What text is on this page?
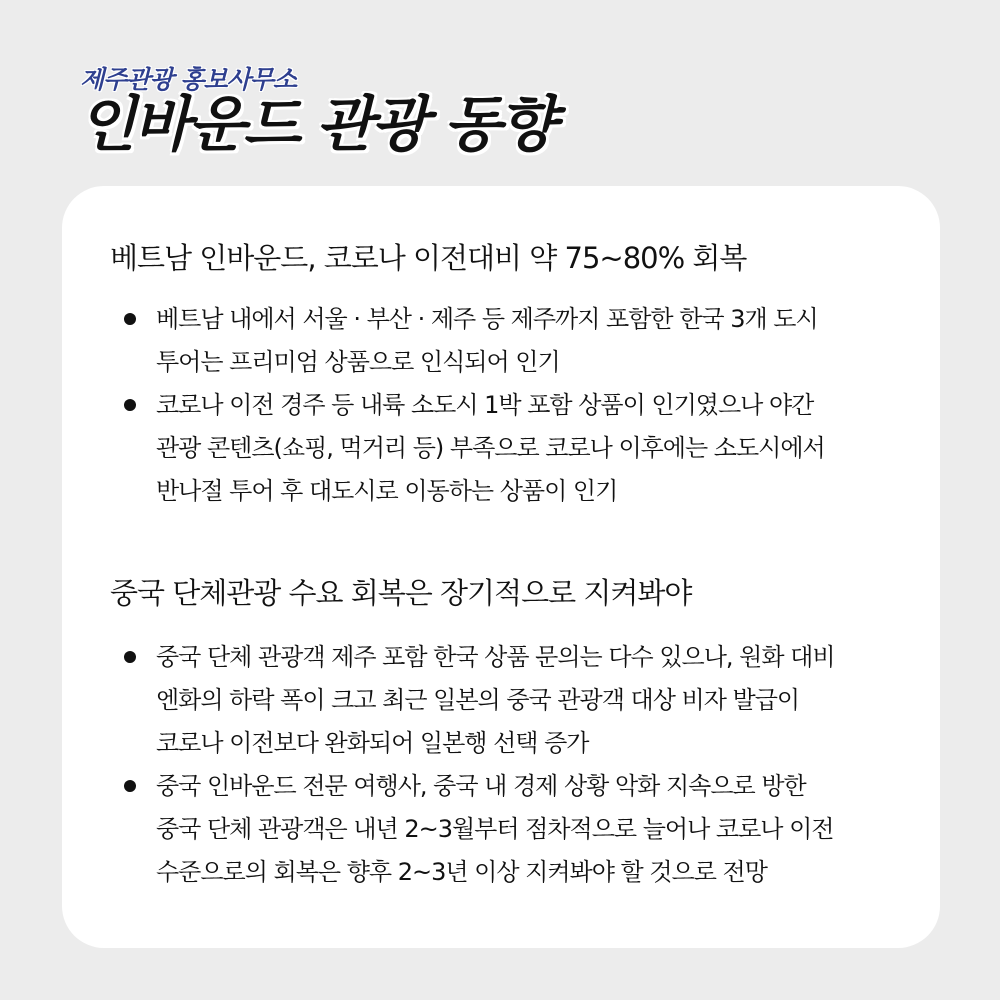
제주관광 홍보사무소
인바운드 관광 동향
베트남 인바운드, 코로나 이전대비 약 75~80% 회복
베트남 내에서 서울 · 부산 · 제주 등 제주까지 포함한 한국 3개 도시
투어는 프리미엄 상품으로 인식되어 인기
코로나 이전 경주 등 내륙 소도시 1박 포함 상품이 인기였으나 야간
관광 콘텐츠(쇼핑, 먹거리 등) 부족으로 코로나 이후에는 소도시에서
반나절 투어 후 대도시로 이동하는 상품이 인기
중국 단체관광 수요 회복은 장기적으로 지켜봐야
중국 단체 관광객 제주 포함 한국 상품 문의는 다수 있으나, 원화 대비
엔화의 하락 폭이 크고 최근 일본의 중국 관광객 대상 비자 발급이
코로나 이전보다 완화되어 일본행 선택 증가
중국 인바운드 전문 여행사, 중국 내 경제 상황 악화 지속으로 방한
중국 단체 관광객은 내년 2~3월부터 점차적으로 늘어나 코로나 이전
수준으로의 회복은 향후 2~3년 이상 지켜봐야 할 것으로 전망
